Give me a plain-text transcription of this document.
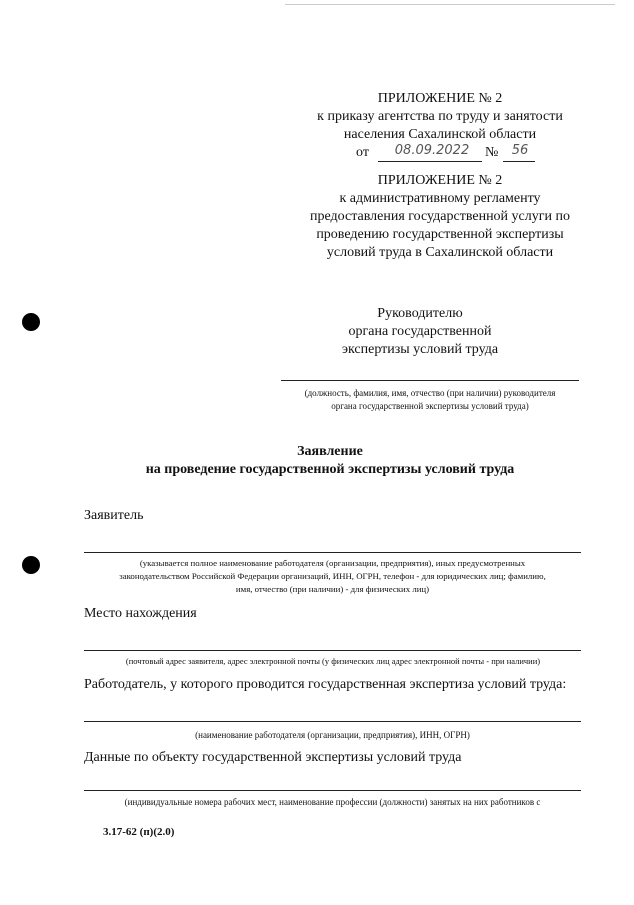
ПРИЛОЖЕНИЕ № 2
к приказу агентства по труду и занятости
населения Сахалинской области
от	08.09.2022	№	56
ПРИЛОЖЕНИЕ № 2
к административному регламенту
предоставления государственной услуги по
проведению государственной экспертизы
условий труда в Сахалинской области
Руководителю
органа государственной
экспертизы условий труда
(должность, фамилия, имя, отчество (при наличии) руководителя
органа государственной экспертизы условий труда)
Заявление
на проведение государственной экспертизы условий труда
Заявитель
(указывается полное наименование работодателя (организации, предприятия), иных предусмотренных
законодательством Российской Федерации организаций, ИНН, ОГРН, телефон - для юридических лиц; фамилию,
имя, отчество (при наличии) - для физических лиц)
Место нахождения
(почтовый адрес заявителя, адрес электронной почты (у физических лиц адрес электронной почты - при наличии)
Работодатель, у которого проводится государственная экспертиза условий труда:
(наименование работодателя (организации, предприятия), ИНН, ОГРН)
Данные по объекту государственной экспертизы условий труда
(индивидуальные номера рабочих мест, наименование профессии (должности) занятых на них работников с
3.17-62 (п)(2.0)
